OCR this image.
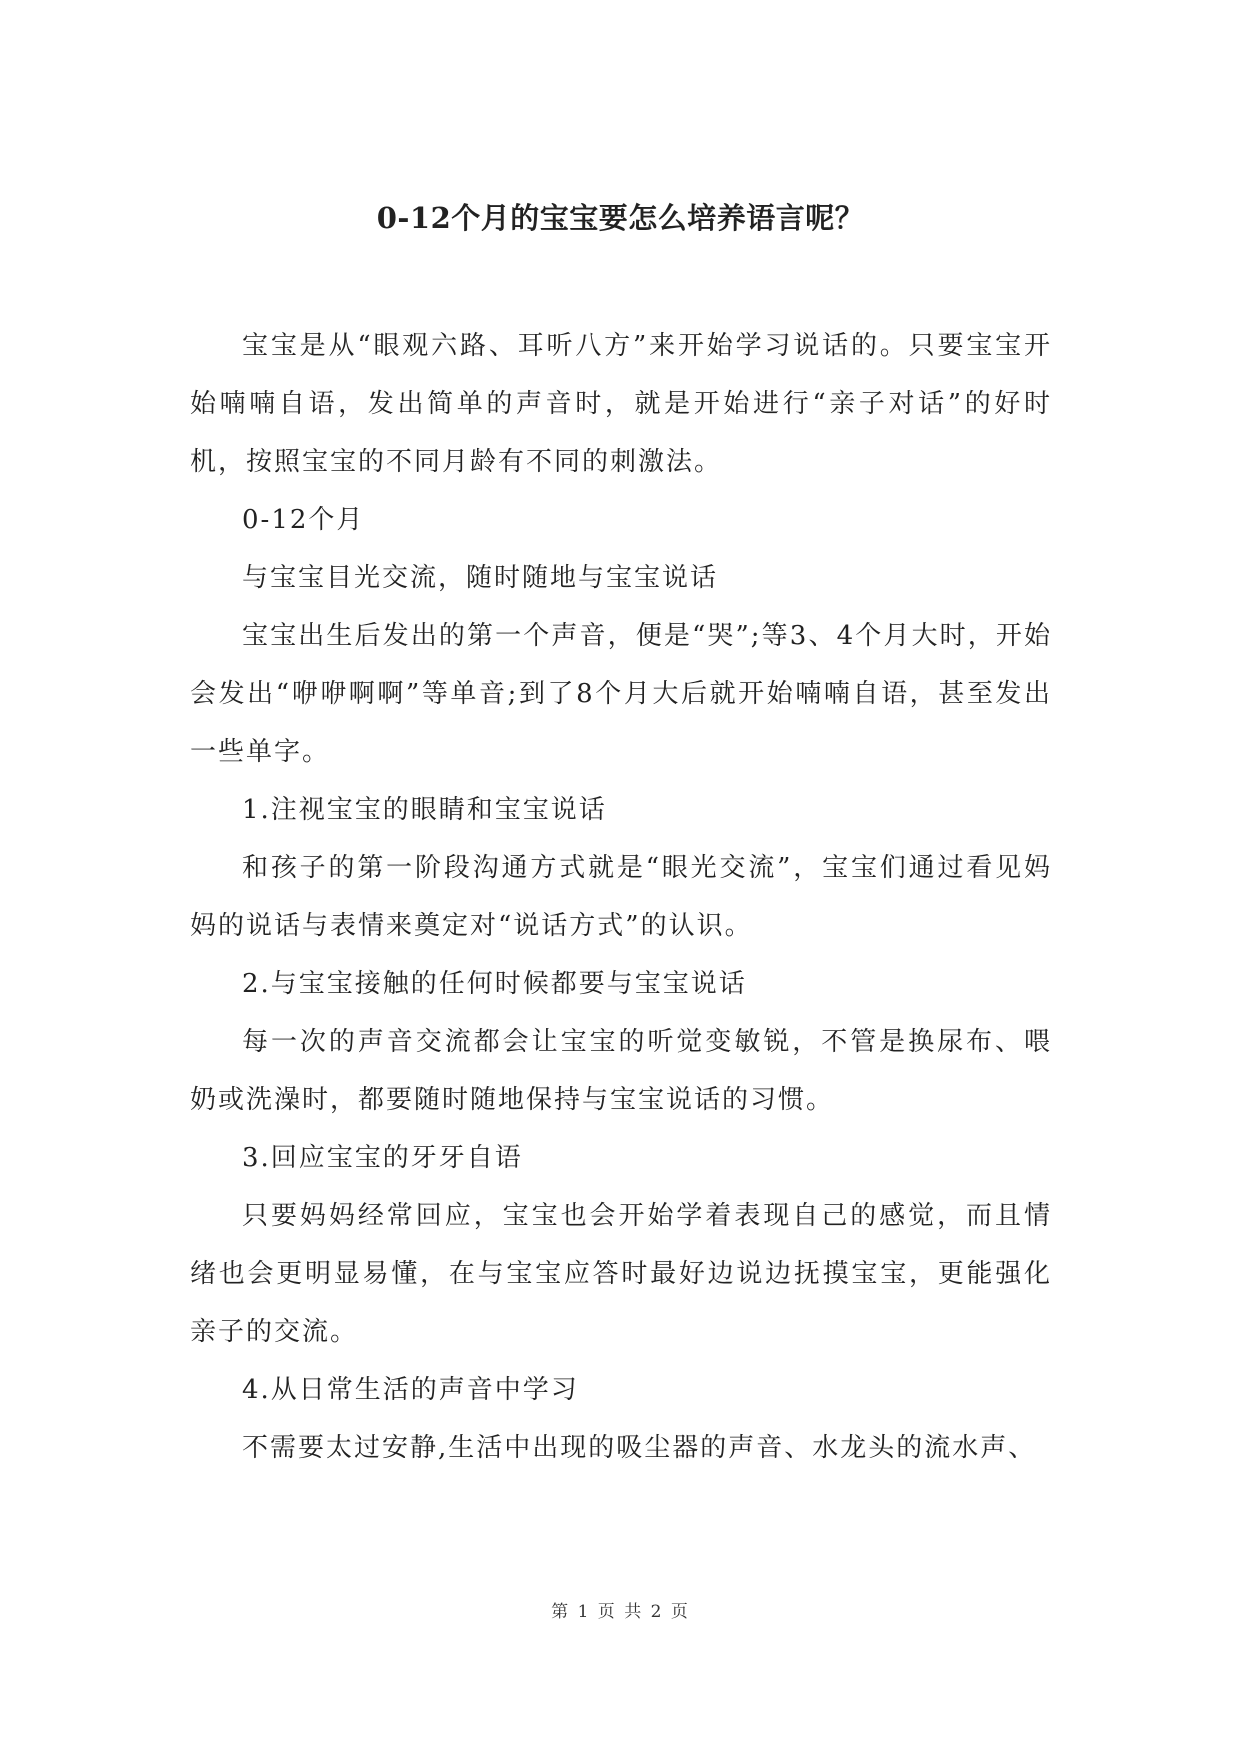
0-12个月的宝宝要怎么培养语言呢？

宝宝是从“眼观六路、耳听八方”来开始学习说话的。只要宝宝开始喃喃自语，发出简单的声音时，就是开始进行“亲子对话”的好时机，按照宝宝的不同月龄有不同的刺激法。

0-12个月

与宝宝目光交流，随时随地与宝宝说话

宝宝出生后发出的第一个声音，便是“哭”;等3、4个月大时，开始会发出“咿咿啊啊”等单音;到了8个月大后就开始喃喃自语，甚至发出一些单字。

1.注视宝宝的眼睛和宝宝说话

和孩子的第一阶段沟通方式就是“眼光交流”，宝宝们通过看见妈妈的说话与表情来奠定对“说话方式”的认识。

2.与宝宝接触的任何时候都要与宝宝说话

每一次的声音交流都会让宝宝的听觉变敏锐，不管是换尿布、喂奶或洗澡时，都要随时随地保持与宝宝说话的习惯。

3.回应宝宝的牙牙自语

只要妈妈经常回应，宝宝也会开始学着表现自己的感觉，而且情绪也会更明显易懂，在与宝宝应答时最好边说边抚摸宝宝，更能强化亲子的交流。

4.从日常生活的声音中学习

不需要太过安静,生活中出现的吸尘器的声音、水龙头的流水声、

第 1 页 共 2 页
